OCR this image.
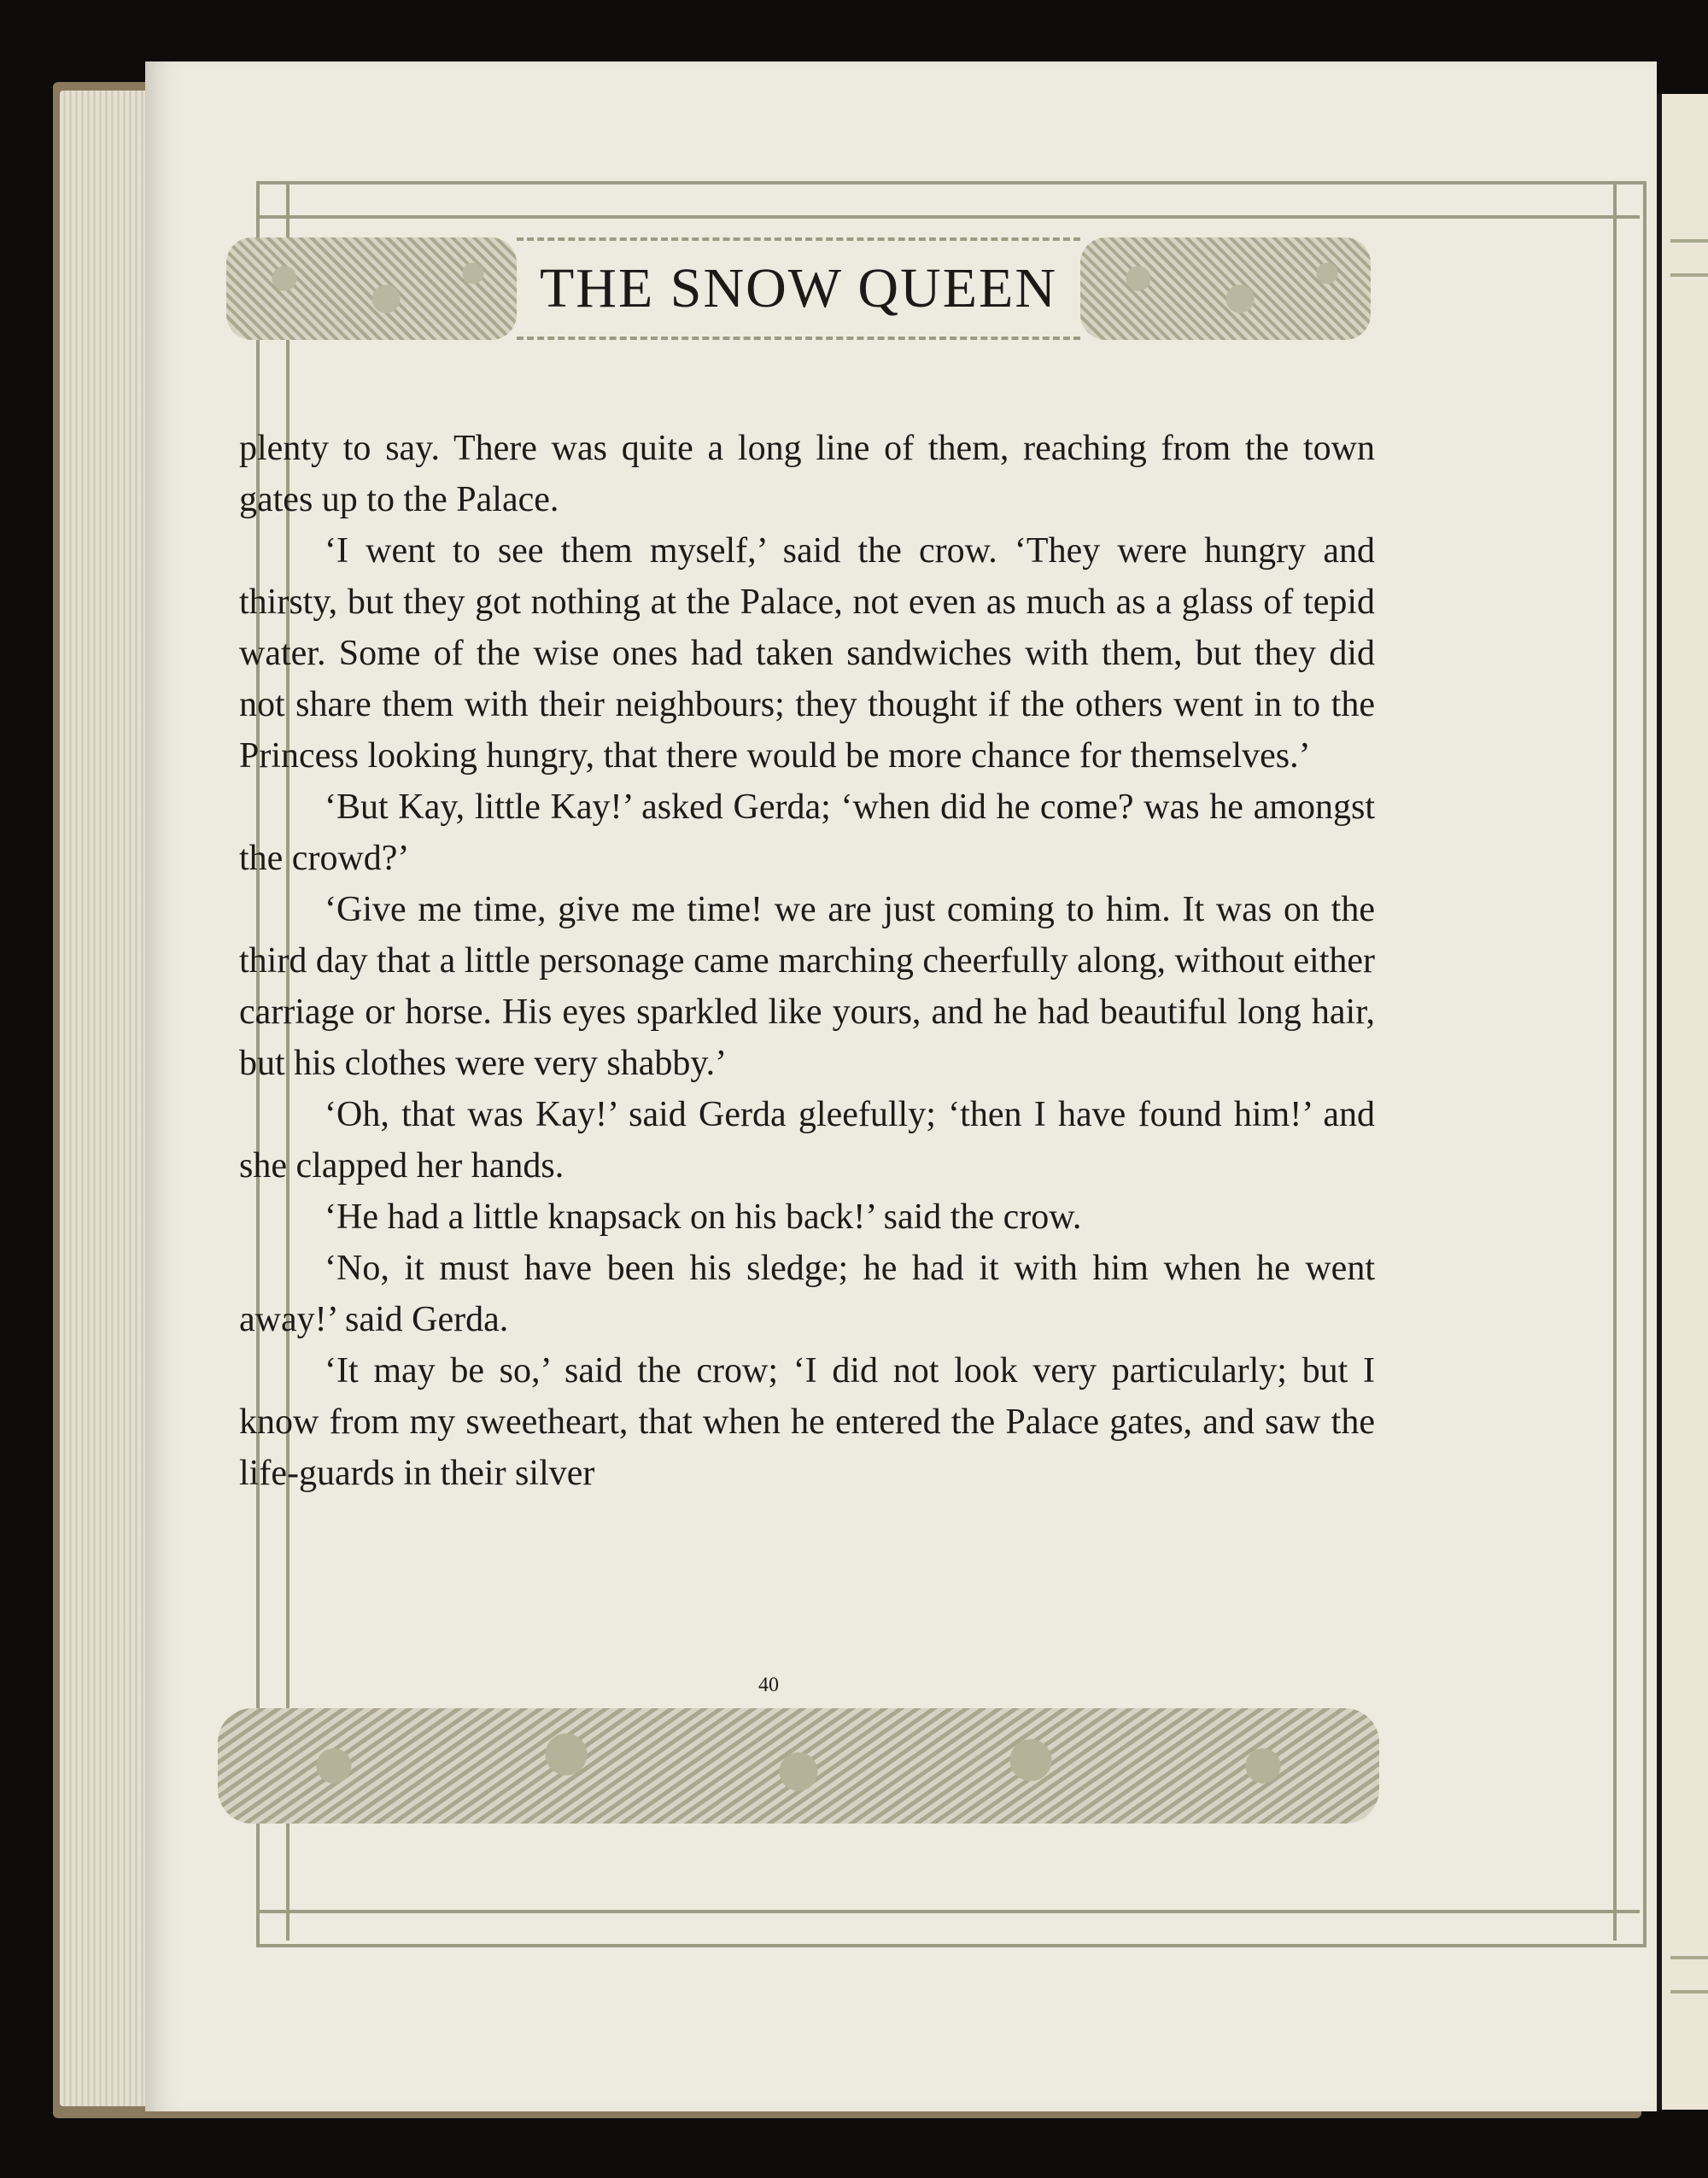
THE SNOW QUEEN

plenty to say. There was quite a long line of them, reaching from the town gates up to the Palace.

‘I went to see them myself,’ said the crow. ‘They were hungry and thirsty, but they got nothing at the Palace, not even as much as a glass of tepid water. Some of the wise ones had taken sandwiches with them, but they did not share them with their neighbours; they thought if the others went in to the Princess looking hungry, that there would be more chance for themselves.’

‘But Kay, little Kay!’ asked Gerda; ‘when did he come? was he amongst the crowd?’

‘Give me time, give me time! we are just coming to him. It was on the third day that a little personage came marching cheerfully along, without either carriage or horse. His eyes sparkled like yours, and he had beautiful long hair, but his clothes were very shabby.’

‘Oh, that was Kay!’ said Gerda gleefully; ‘then I have found him!’ and she clapped her hands.

‘He had a little knapsack on his back!’ said the crow.

‘No, it must have been his sledge; he had it with him when he went away!’ said Gerda.

‘It may be so,’ said the crow; ‘I did not look very particularly; but I know from my sweetheart, that when he entered the Palace gates, and saw the life-guards in their silver

40
